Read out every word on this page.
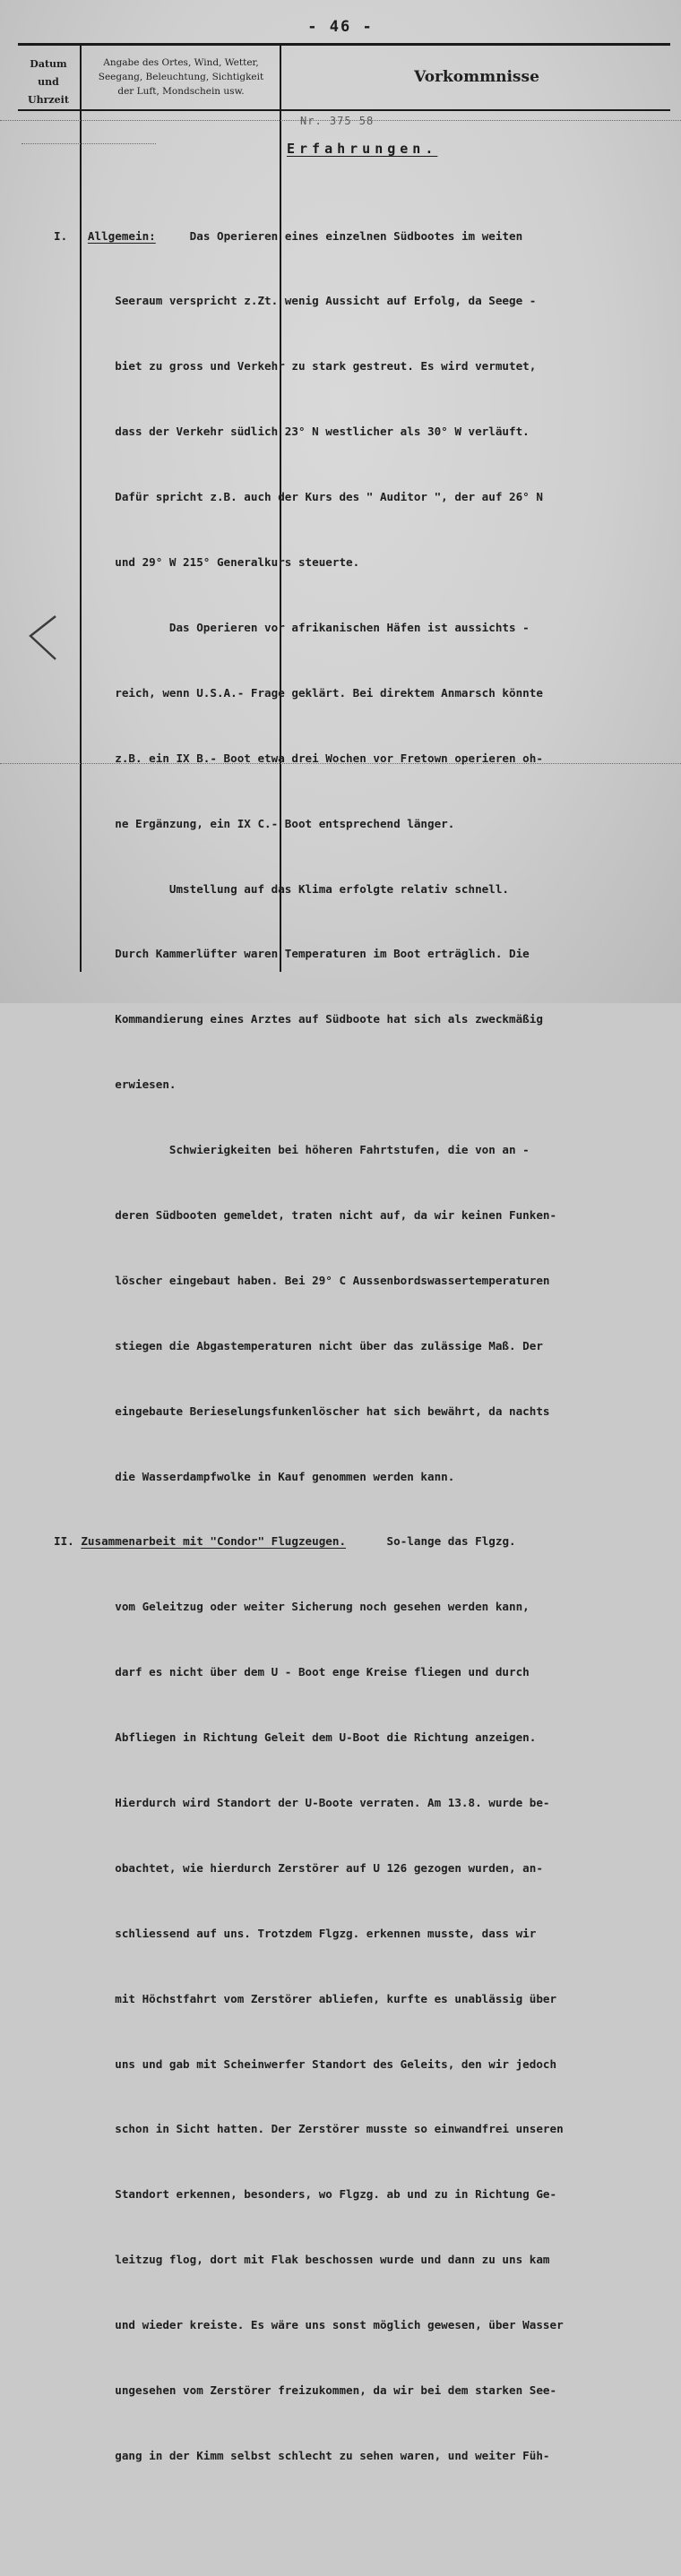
- 46 -
Datum
und
Uhrzeit
Angabe des Ortes, Wind, Wetter,
Seegang, Beleuchtung, Sichtigkeit
der Luft, Mondschein usw.
Vorkommnisse
Nr. 375 58
Erfahrungen.

I. Allgemein:	Das Operieren eines einzelnen Südbootes im weiten

Seeraum verspricht z.Zt. wenig Aussicht auf Erfolg, da Seege -

biet zu gross und Verkehr zu stark gestreut. Es wird vermutet,

dass der Verkehr südlich 23° N westlicher als 30° W verläuft.

Dafür spricht z.B. auch der Kurs des " Auditor ", der auf 26° N

und 29° W 215° Generalkurs steuerte.

Das Operieren vor afrikanischen Häfen ist aussichts -

reich, wenn U.S.A.- Frage geklärt. Bei direktem Anmarsch könnte

z.B. ein IX B.- Boot etwa drei Wochen vor Fretown operieren oh-

ne Ergänzung, ein IX C.- Boot entsprechend länger.

Umstellung auf das Klima erfolgte relativ schnell.

Durch Kammerlüfter waren Temperaturen im Boot erträglich. Die

Kommandierung eines Arztes auf Südboote hat sich als zweckmäßig

erwiesen.

Schwierigkeiten bei höheren Fahrtstufen, die von an -

deren Südbooten gemeldet, traten nicht auf, da wir keinen Funken-

löscher eingebaut haben. Bei 29° C Aussenbordswassertemperaturen

stiegen die Abgastemperaturen nicht über das zulässige Maß. Der

eingebaute Berieselungsfunkenlöscher hat sich bewährt, da nachts

die Wasserdampfwolke in Kauf genommen werden kann.

II. Zusammenarbeit mit "Condor" Flugzeugen.	So-lange das Flgzg.

vom Geleitzug oder weiter Sicherung noch gesehen werden kann,

darf es nicht über dem U - Boot enge Kreise fliegen und durch

Abfliegen in Richtung Geleit dem U-Boot die Richtung anzeigen.

Hierdurch wird Standort der U-Boote verraten. Am 13.8. wurde be-

obachtet, wie hierdurch Zerstörer auf U 126 gezogen wurden, an-

schliessend auf uns. Trotzdem Flgzg. erkennen musste, dass wir

mit Höchstfahrt vom Zerstörer abliefen, kurfte es unablässig über

uns und gab mit Scheinwerfer Standort des Geleits, den wir jedoch

schon in Sicht hatten. Der Zerstörer musste so einwandfrei unseren

Standort erkennen, besonders, wo Flgzg. ab und zu in Richtung Ge-

leitzug flog, dort mit Flak beschossen wurde und dann zu uns kam

und wieder kreiste. Es wäre uns sonst möglich gewesen, über Wasser

ungesehen vom Zerstörer freizukommen, da wir bei dem starken See-

gang in der Kimm selbst schlecht zu sehen waren, und weiter Füh-
